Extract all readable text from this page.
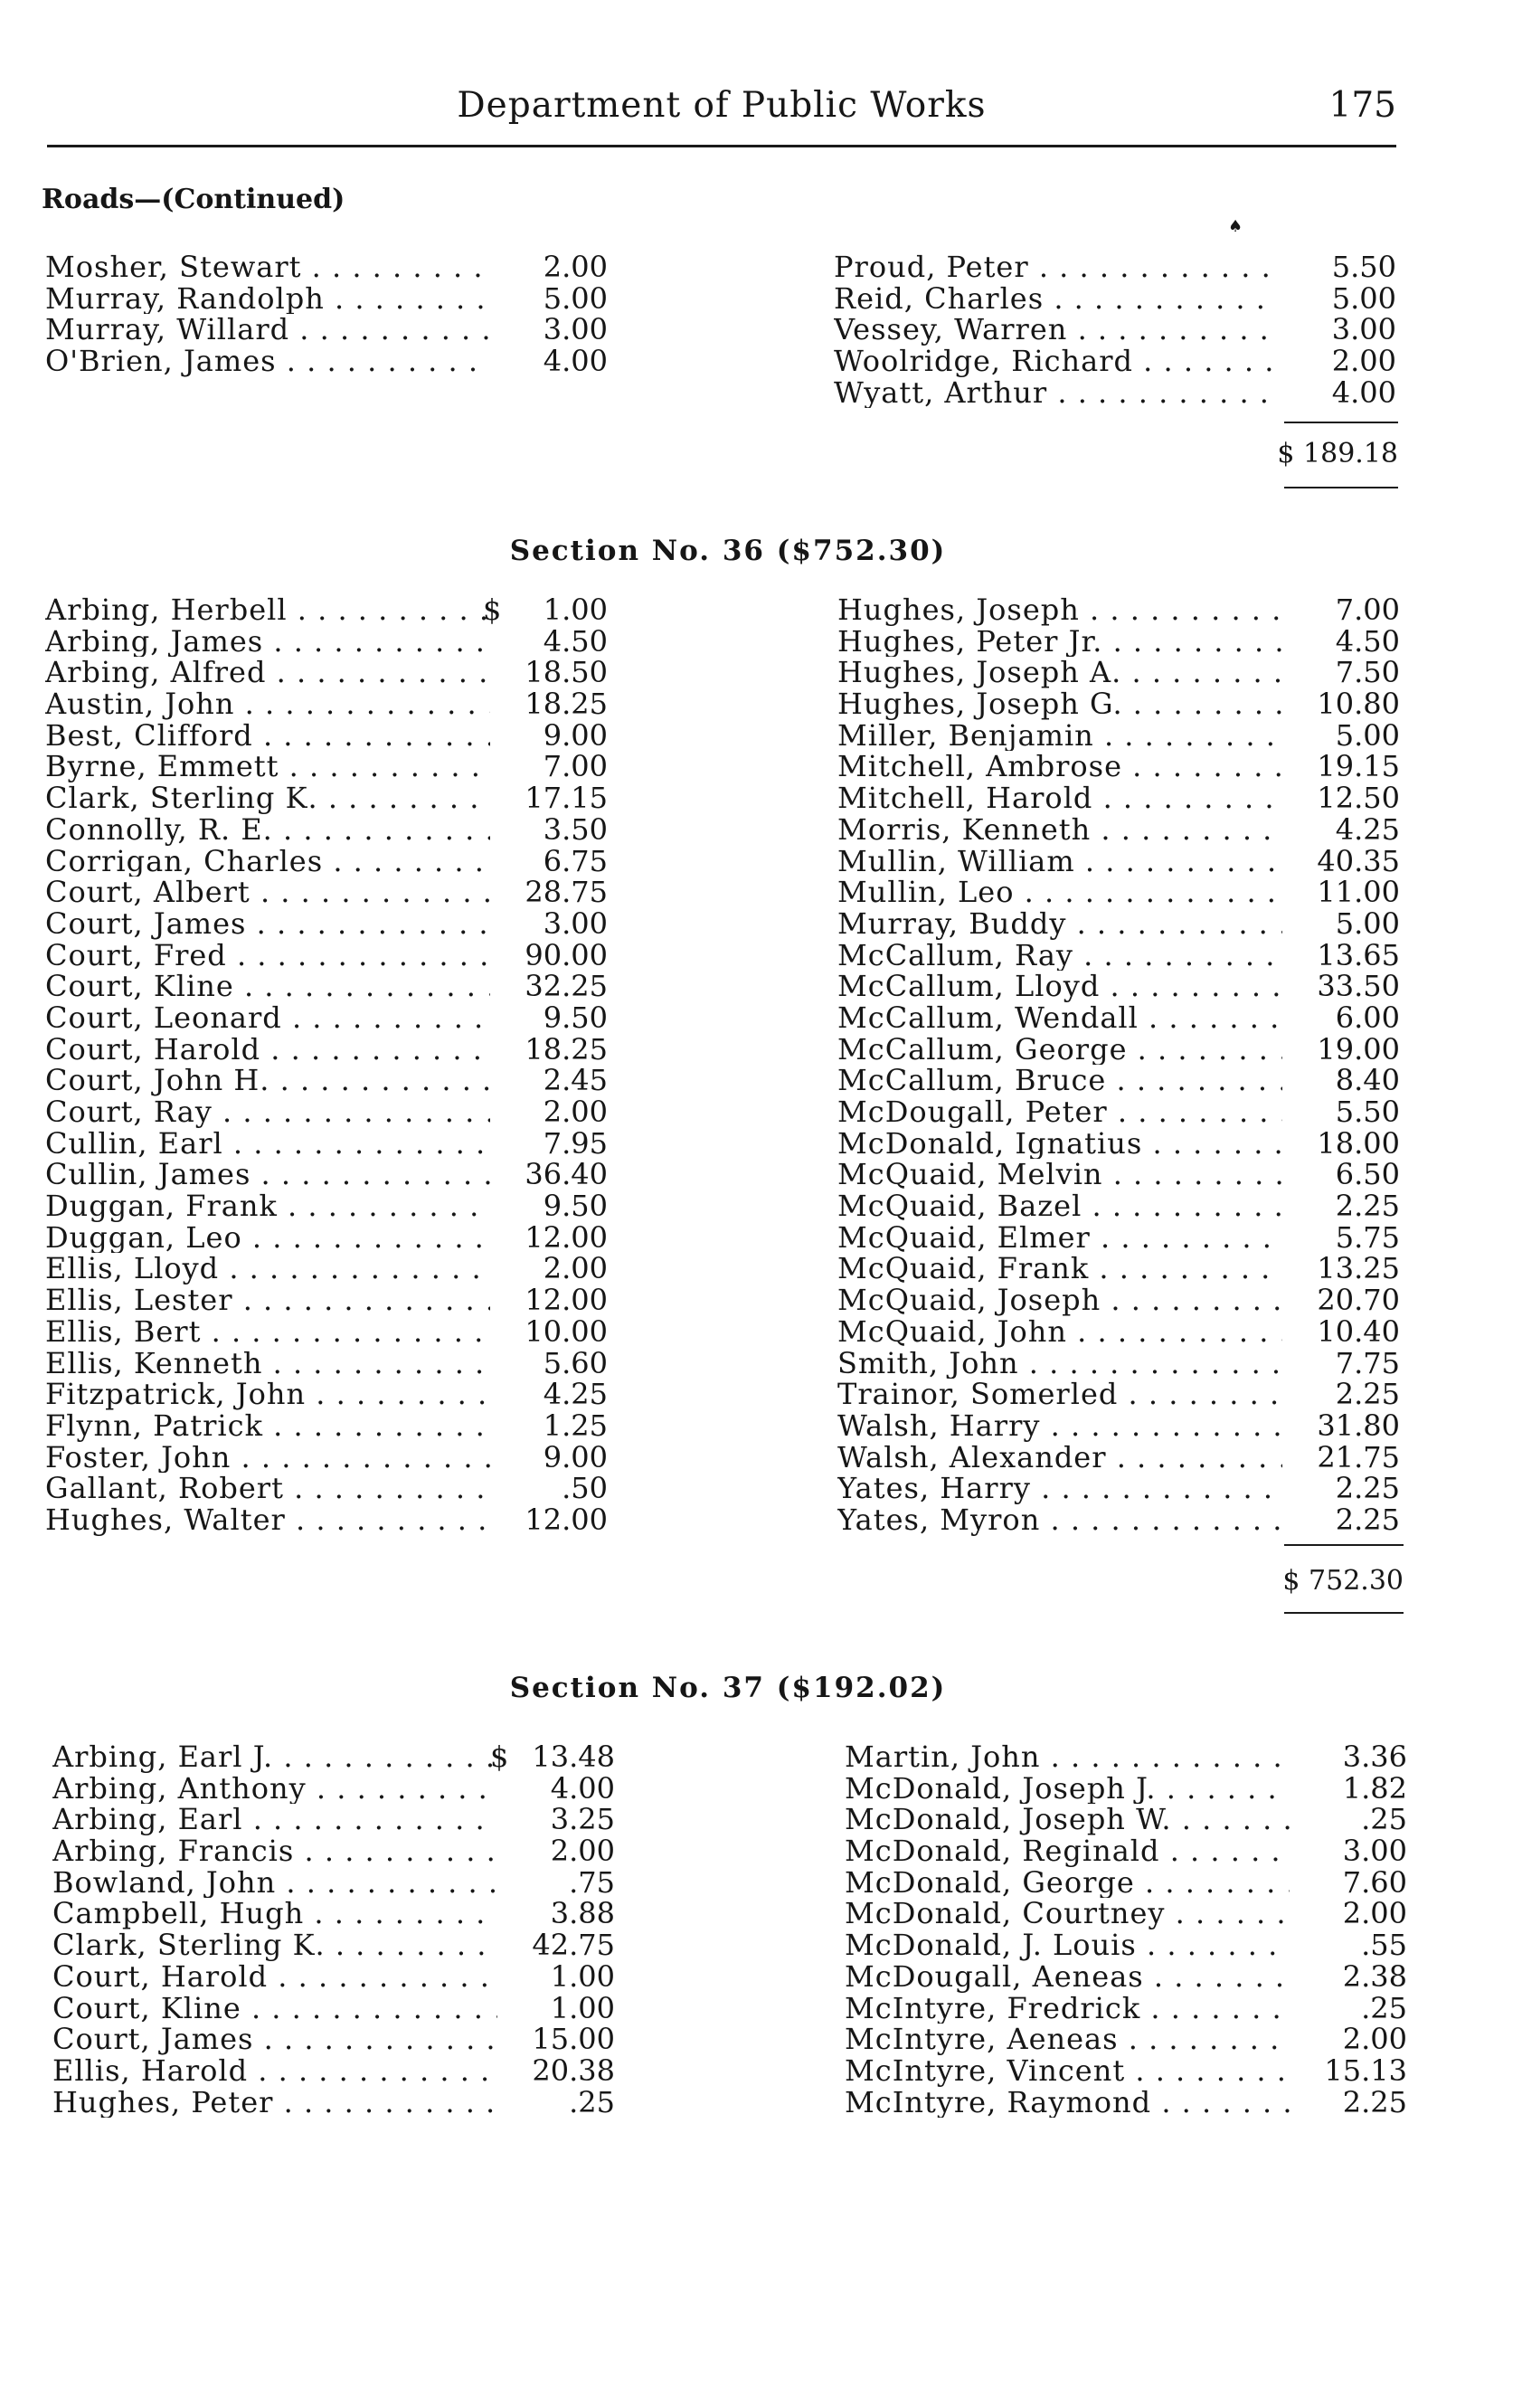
Department of Public Works	175
Roads—(Continued)
♠
Mosher, Stewart . . .	2.00
Murray, Randolph . . .	5.00
Murray, Willard . . .	3.00
O'Brien, James . . .	4.00
Proud, Peter . . .	5.50
Reid, Charles . . .	5.00
Vessey, Warren . . .	3.00
Woolridge, Richard . . .	2.00
Wyatt, Arthur . . .	4.00
$ 189.18
Section No. 36 ($752.30)
Arbing, Herbell . . .	$	1.00
Arbing, James . . .	4.50
Arbing, Alfred . . .	18.50
Austin, John . . .	18.25
Best, Clifford . . .	9.00
Byrne, Emmett . . .	7.00
Clark, Sterling K. . . .	17.15
Connolly, R. E. . . .	3.50
Corrigan, Charles . . .	6.75
Court, Albert . . .	28.75
Court, James . . .	3.00
Court, Fred . . .	90.00
Court, Kline . . .	32.25
Court, Leonard . . .	9.50
Court, Harold . . .	18.25
Court, John H. . . .	2.45
Court, Ray . . .	2.00
Cullin, Earl . . .	7.95
Cullin, James . . .	36.40
Duggan, Frank . . .	9.50
Duggan, Leo . . .	12.00
Ellis, Lloyd . . .	2.00
Ellis, Lester . . .	12.00
Ellis, Bert . . .	10.00
Ellis, Kenneth . . .	5.60
Fitzpatrick, John . . .	4.25
Flynn, Patrick . . .	1.25
Foster, John . . .	9.00
Gallant, Robert . . .	.50
Hughes, Walter . . .	12.00
Hughes, Joseph . . .	7.00
Hughes, Peter Jr. . . .	4.50
Hughes, Joseph A. . . .	7.50
Hughes, Joseph G. . . .	10.80
Miller, Benjamin . . .	5.00
Mitchell, Ambrose . . .	19.15
Mitchell, Harold . . .	12.50
Morris, Kenneth . . .	4.25
Mullin, William . . .	40.35
Mullin, Leo . . .	11.00
Murray, Buddy . . .	5.00
McCallum, Ray . . .	13.65
McCallum, Lloyd . . .	33.50
McCallum, Wendall . . .	6.00
McCallum, George . . .	19.00
McCallum, Bruce . . .	8.40
McDougall, Peter . . .	5.50
McDonald, Ignatius . . .	18.00
McQuaid, Melvin . . .	6.50
McQuaid, Bazel . . .	2.25
McQuaid, Elmer . . .	5.75
McQuaid, Frank . . .	13.25
McQuaid, Joseph . . .	20.70
McQuaid, John . . .	10.40
Smith, John . . .	7.75
Trainor, Somerled . . .	2.25
Walsh, Harry . . .	31.80
Walsh, Alexander . . .	21.75
Yates, Harry . . .	2.25
Yates, Myron . . .	2.25
$ 752.30
Section No. 37 ($192.02)
Arbing, Earl J. . . .	$ 13.48
Arbing, Anthony . . .	4.00
Arbing, Earl . . .	3.25
Arbing, Francis . . .	2.00
Bowland, John . . .	.75
Campbell, Hugh . . .	3.88
Clark, Sterling K. . . .	42.75
Court, Harold . . .	1.00
Court, Kline . . .	1.00
Court, James . . .	15.00
Ellis, Harold . . .	20.38
Hughes, Peter . . .	.25
Martin, John . . .	3.36
McDonald, Joseph J. . . .	1.82
McDonald, Joseph W. . . .	.25
McDonald, Reginald . . .	3.00
McDonald, George . . .	7.60
McDonald, Courtney . . .	2.00
McDonald, J. Louis . . .	.55
McDougall, Aeneas . . .	2.38
McIntyre, Fredrick . . .	.25
McIntyre, Aeneas . . .	2.00
McIntyre, Vincent . . .	15.13
McIntyre, Raymond . . .	2.25
